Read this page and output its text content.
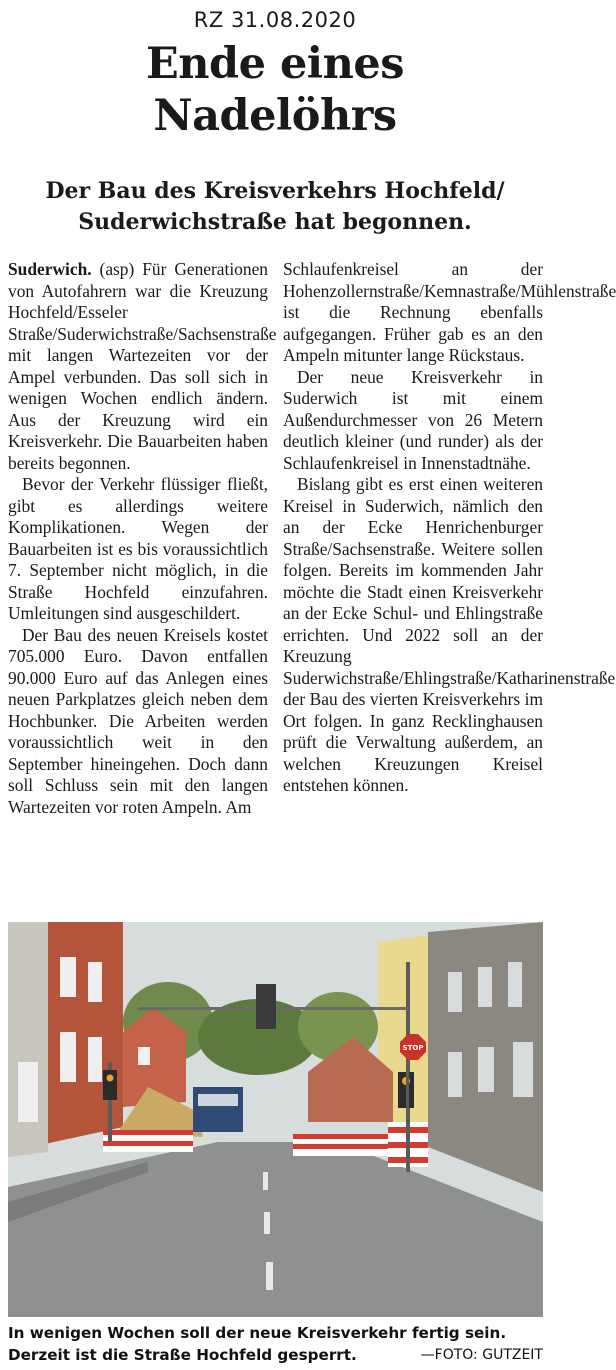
RZ 31.08.2020
Ende eines
Nadelöhrs
Der Bau des Kreisverkehrs Hochfeld/
Suderwichstraße hat begonnen.

Suderwich. (asp) Für Generationen von Autofahrern war die Kreuzung Hochfeld/Esseler Straße/Suderwichstraße/Sachsenstraße mit langen Wartezeiten vor der Ampel verbunden. Das soll sich in wenigen Wochen endlich ändern. Aus der Kreuzung wird ein Kreisverkehr. Die Bauarbeiten haben bereits begonnen.

Bevor der Verkehr flüssiger fließt, gibt es allerdings weitere Komplikationen. Wegen der Bauarbeiten ist es bis voraussichtlich 7. September nicht möglich, in die Straße Hochfeld einzufahren. Umleitungen sind ausgeschildert.

Der Bau des neuen Kreisels kostet 705.000 Euro. Davon entfallen 90.000 Euro auf das Anlegen eines neuen Parkplatzes gleich neben dem Hochbunker. Die Arbeiten werden voraussichtlich weit in den September hineingehen. Doch dann soll Schluss sein mit den langen Wartezeiten vor roten Ampeln. Am

Schlaufenkreisel an der Hohenzollernstraße/Kemnastraße/Mühlenstraße ist die Rechnung ebenfalls aufgegangen. Früher gab es an den Ampeln mitunter lange Rückstaus.

Der neue Kreisverkehr in Suderwich ist mit einem Außendurchmesser von 26 Metern deutlich kleiner (und runder) als der Schlaufenkreisel in Innenstadtnähe.

Bislang gibt es erst einen weiteren Kreisel in Suderwich, nämlich den an der Ecke Henrichenburger Straße/Sachsenstraße. Weitere sollen folgen. Bereits im kommenden Jahr möchte die Stadt einen Kreisverkehr an der Ecke Schul- und Ehlingstraße errichten. Und 2022 soll an der Kreuzung Suderwichstraße/Ehlingstraße/Katharinenstraße der Bau des vierten Kreisverkehrs im Ort folgen. In ganz Recklinghausen prüft die Verwaltung außerdem, an welchen Kreuzungen Kreisel entstehen können.

STOP
In wenigen Wochen soll der neue Kreisverkehr fertig sein.
Derzeit ist die Straße Hochfeld gesperrt.	—FOTO: GUTZEIT
